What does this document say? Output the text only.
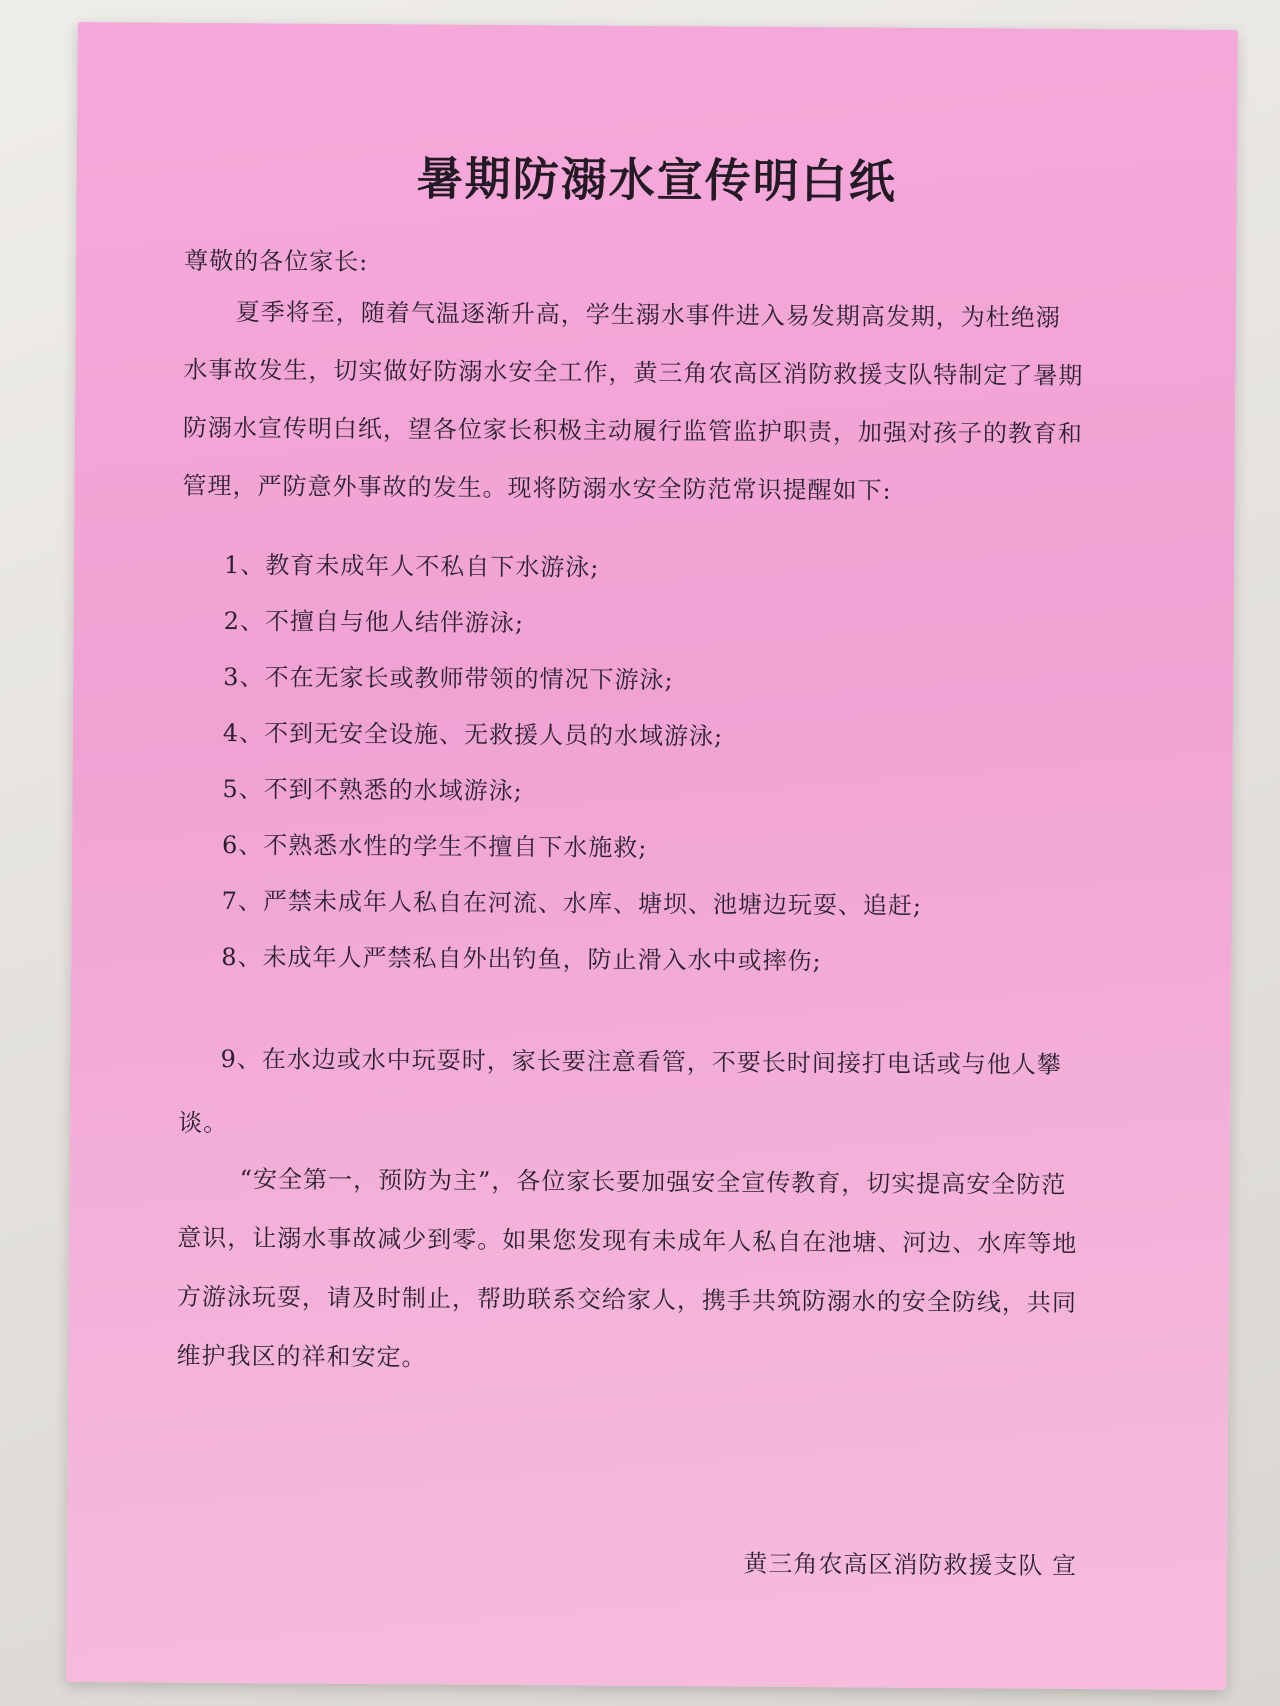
暑期防溺水宣传明白纸
尊敬的各位家长:
夏季将至，随着气温逐渐升高，学生溺水事件进入易发期高发期，为杜绝溺水事故发生，切实做好防溺水安全工作，黄三角农高区消防救援支队特制定了暑期防溺水宣传明白纸，望各位家长积极主动履行监管监护职责，加强对孩子的教育和管理，严防意外事故的发生。现将防溺水安全防范常识提醒如下:
1、教育未成年人不私自下水游泳;
2、不擅自与他人结伴游泳;
3、不在无家长或教师带领的情况下游泳;
4、不到无安全设施、无救援人员的水域游泳;
5、不到不熟悉的水域游泳;
6、不熟悉水性的学生不擅自下水施救;
7、严禁未成年人私自在河流、水库、塘坝、池塘边玩耍、追赶;
8、未成年人严禁私自外出钓鱼，防止滑入水中或摔伤;
9、在水边或水中玩耍时，家长要注意看管，不要长时间接打电话或与他人攀谈。
“安全第一，预防为主”，各位家长要加强安全宣传教育，切实提高安全防范意识，让溺水事故减少到零。如果您发现有未成年人私自在池塘、河边、水库等地方游泳玩耍，请及时制止，帮助联系交给家人，携手共筑防溺水的安全防线，共同维护我区的祥和安定。
黄三角农高区消防救援支队 宣
